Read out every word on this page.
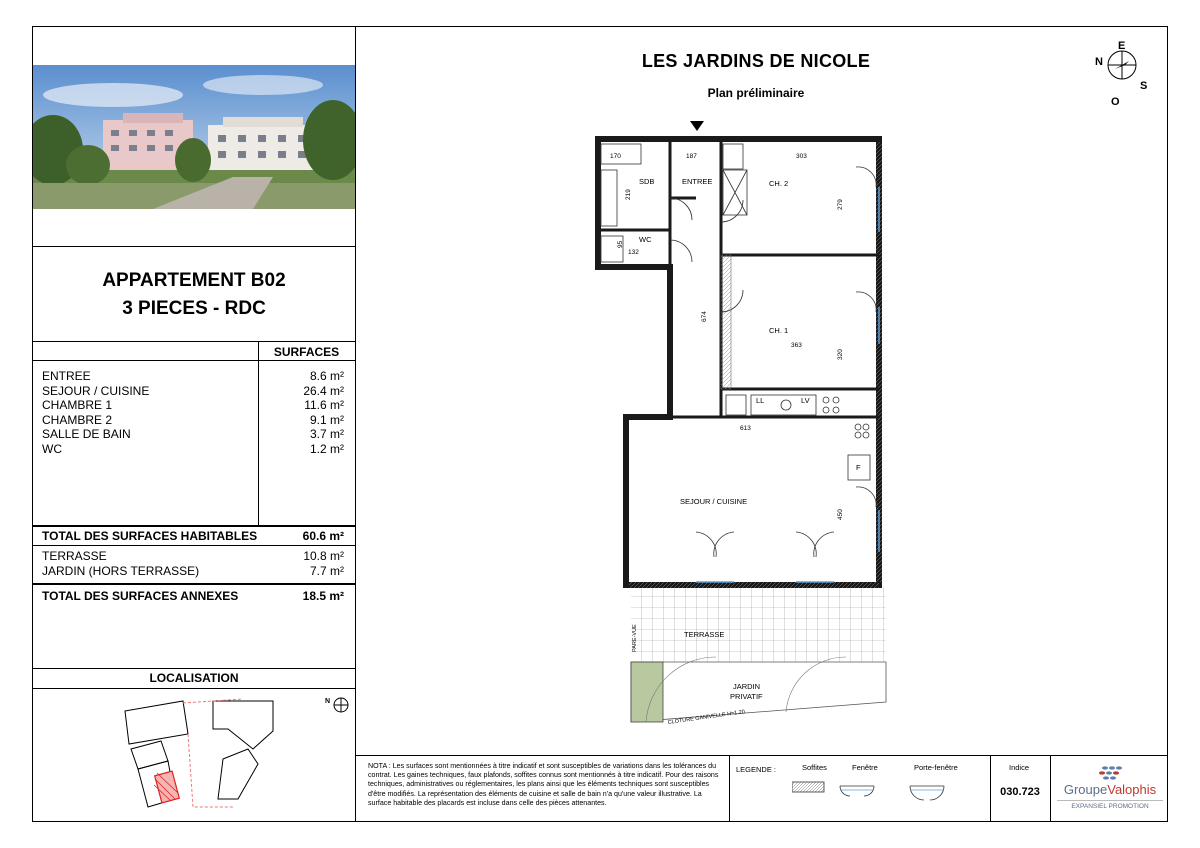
APPARTEMENT B02
3 PIECES - RDC
SURFACES
ENTREE	8.6 m²
SEJOUR / CUISINE	26.4 m²
CHAMBRE 1	11.6 m²
CHAMBRE 2	9.1 m²
SALLE DE BAIN	3.7 m²
WC	1.2 m²
TOTAL DES SURFACES HABITABLES	60.6 m²
TERRASSE	10.8 m²
JARDIN (HORS TERRASSE)	7.7 m²
TOTAL DES SURFACES ANNEXES	18.5 m²
LOCALISATION
N
LES JARDINS DE NICOLE
Plan préliminaire
E
N
S
O
SDB	ENTREE
WC
CH. 2
CH. 1
SEJOUR / CUISINE
TERRASSE
JARDIN
PRIVATIF
LL	LV
F
PARE-VUE
CLOTURE GANIVELLE H=1.20
170	187	303
219
279
132
95
674
320
363
613
450
NOTA : Les surfaces sont mentionnées à titre indicatif et sont susceptibles de variations dans les tolérances du contrat. Les gaines techniques, faux plafonds, soffites connus sont mentionnés à titre indicatif. Pour des raisons techniques, administratives ou réglementaires, les plans ainsi que les éléments techniques sont susceptibles d'être modifiés. La représentation des éléments de cuisine et salle de bain n'a qu'une valeur illustrative. La surface habitable des placards est incluse dans celle des pièces attenantes.
LEGENDE :	Soffites	Fenêtre	Porte-fenêtre	Indice
030.723	GroupeValophis
EXPANSIEL PROMOTION
